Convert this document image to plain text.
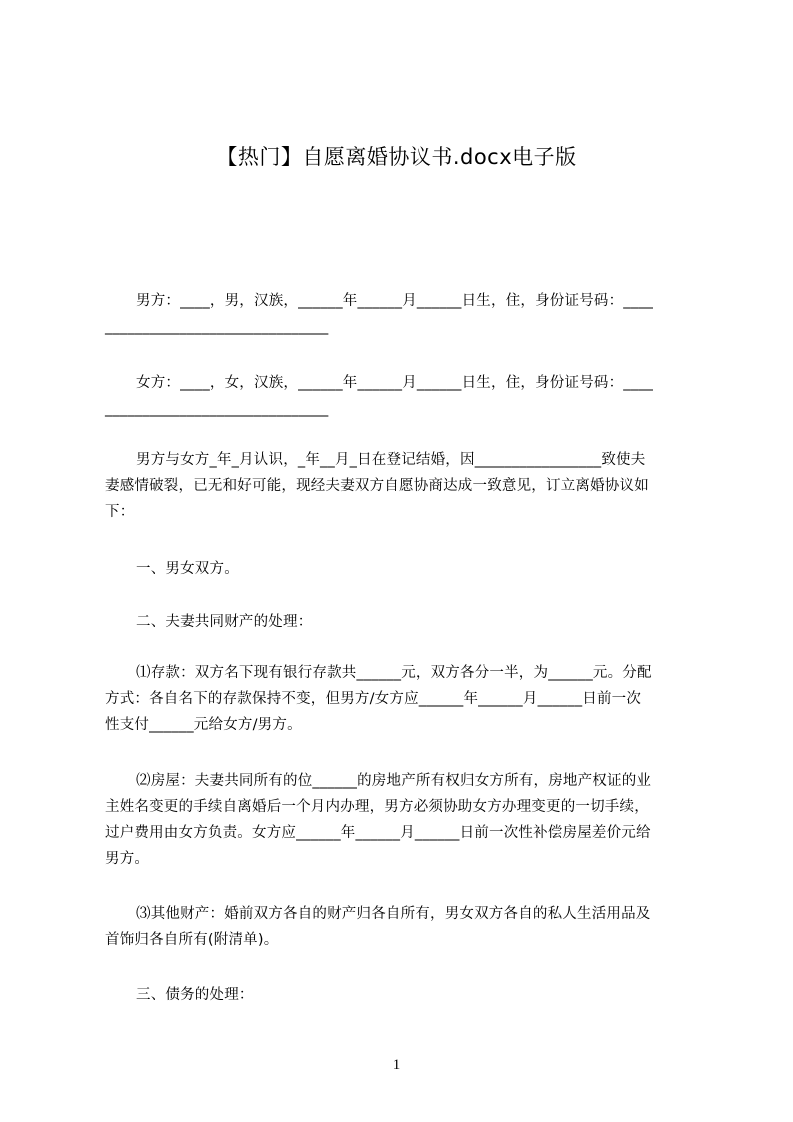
【热门】自愿离婚协议书.docx电子版
男方：____，男，汉族，______年______月______日生，住，身份证号码：____
______________________________
女方：____，女，汉族，______年______月______日生，住，身份证号码：____
______________________________
男方与女方_年_月认识，_年__月_日在登记结婚，因_________________致使夫
妻感情破裂，已无和好可能，现经夫妻双方自愿协商达成一致意见，订立离婚协议如
下：
一、男女双方。
二、夫妻共同财产的处理：
⑴存款：双方名下现有银行存款共______元，双方各分一半，为______元。分配
方式：各自名下的存款保持不变，但男方/女方应______年______月______日前一次
性支付______元给女方/男方。
⑵房屋：夫妻共同所有的位______的房地产所有权归女方所有，房地产权证的业
主姓名变更的手续自离婚后一个月内办理，男方必须协助女方办理变更的一切手续，
过户费用由女方负责。女方应______年______月______日前一次性补偿房屋差价元给
男方。
⑶其他财产：婚前双方各自的财产归各自所有，男女双方各自的私人生活用品及
首饰归各自所有(附清单)。
三、债务的处理：
1
